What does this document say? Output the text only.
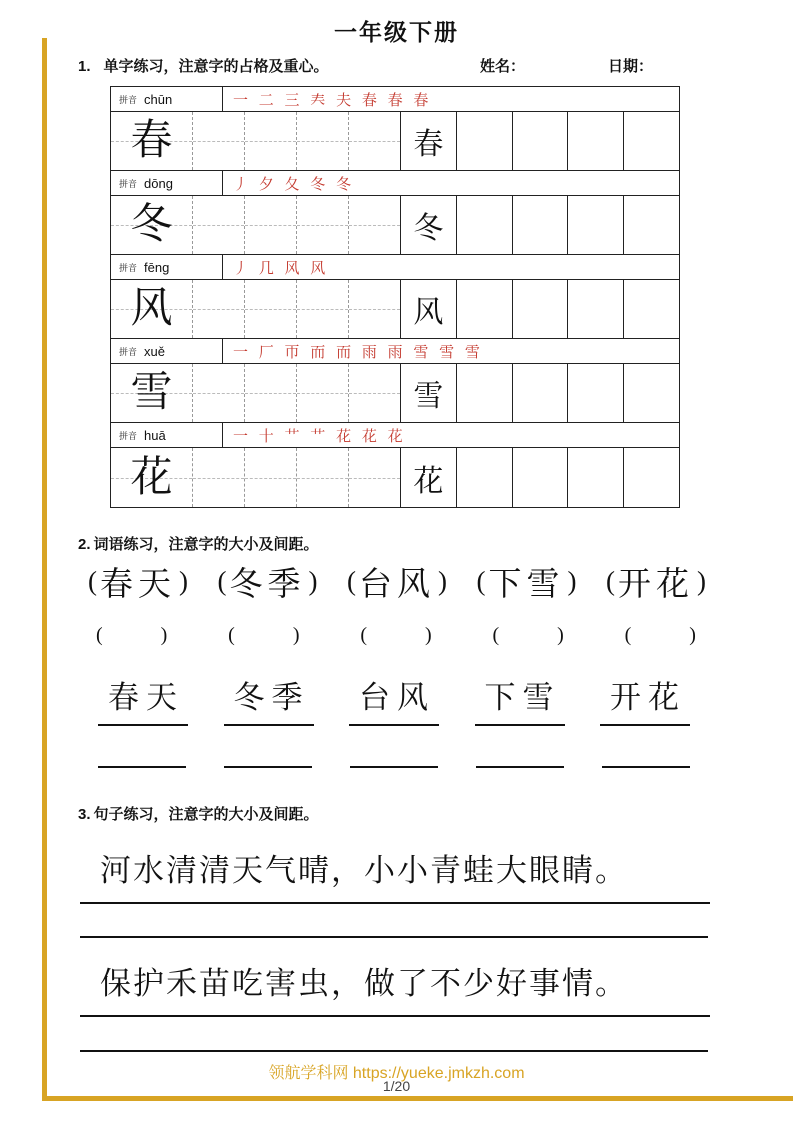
一年级下册
1. 单字练习，注意字的占格及重心。	姓名：	日期：
拼音 chūn	一 二 三 𡗗 夫 春 春 春
春	春
拼音 dōng	丿 夕 夂 冬 冬
冬	冬
拼音 fēng	丿 几 风 风
风	风
拼音 xuě	一 厂 帀 而 而 雨 雨 雪 雪 雪
雪	雪
拼音 huā	一 十 艹 艹 花 花 花
花	花
2. 词语练习，注意字的大小及间距。
( 春天 ) ( 冬季 ) ( 台风 ) ( 下雪 ) ( 开花 )
(	)	(	)	(	)	(	)	(	)
春天	冬季	台风	下雪	开花
3. 句子练习，注意字的大小及间距。
河水清清天气晴，小小青蛙大眼睛。
保护禾苗吃害虫，做了不少好事情。
领航学科网 https://yueke.jmkzh.com
1/20
